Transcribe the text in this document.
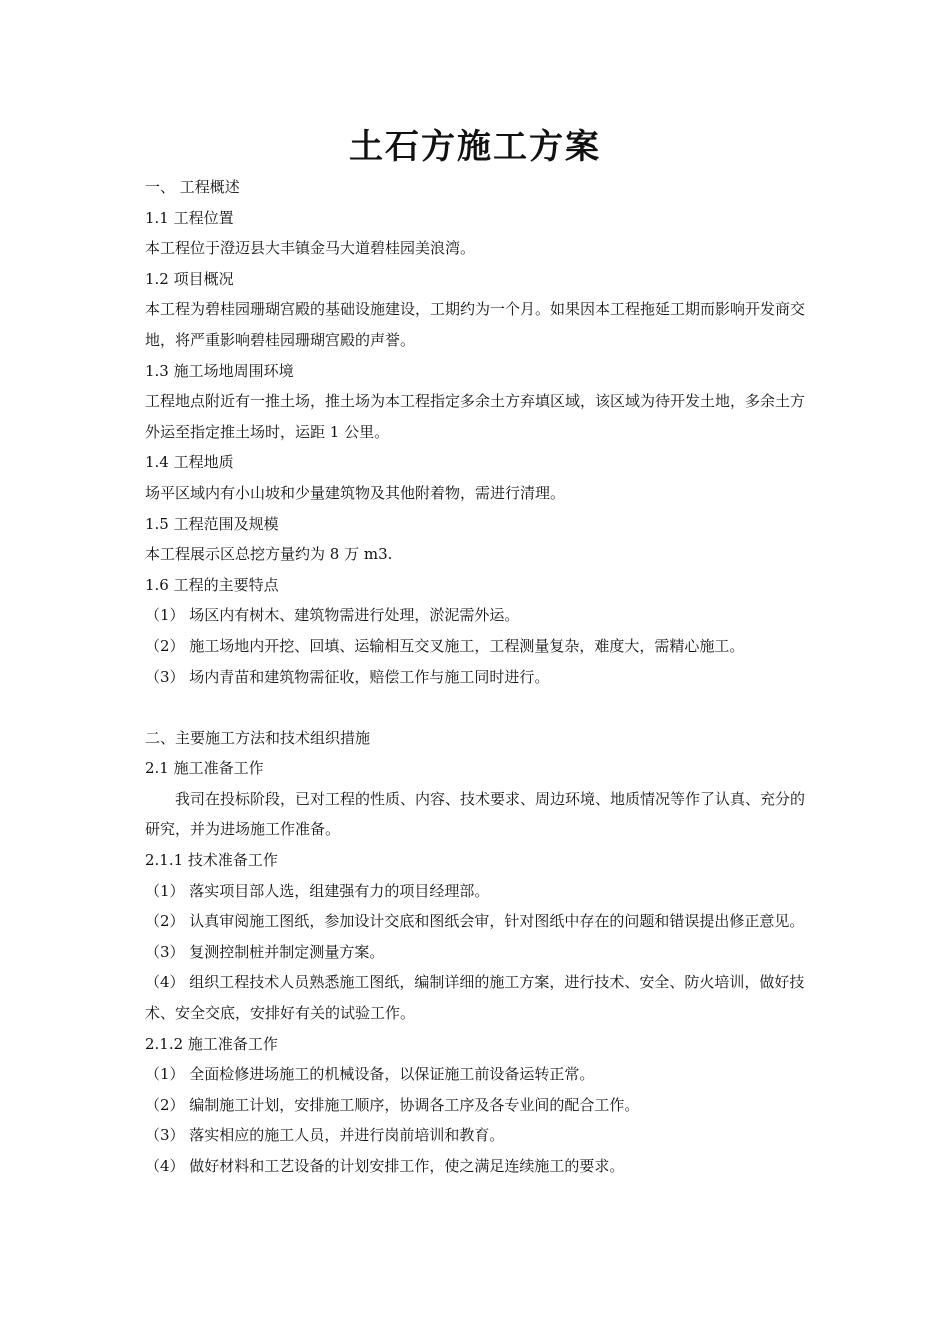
土石方施工方案

一、 工程概述

1.1 工程位置

本工程位于澄迈县大丰镇金马大道碧桂园美浪湾。

1.2 项目概况

本工程为碧桂园珊瑚宫殿的基础设施建设，工期约为一个月。如果因本工程拖延工期而影响开发商交地，将严重影响碧桂园珊瑚宫殿的声誉。

1.3 施工场地周围环境

工程地点附近有一推土场，推土场为本工程指定多余土方弃填区域，该区域为待开发土地，多余土方外运至指定推土场时，运距 1 公里。

1.4 工程地质

场平区域内有小山坡和少量建筑物及其他附着物，需进行清理。

1.5 工程范围及规模

本工程展示区总挖方量约为 8 万 m3.

1.6 工程的主要特点

（1） 场区内有树木、建筑物需进行处理，淤泥需外运。

（2） 施工场地内开挖、回填、运输相互交叉施工，工程测量复杂，难度大，需精心施工。

（3） 场内青苗和建筑物需征收，赔偿工作与施工同时进行。

二、主要施工方法和技术组织措施

2.1 施工准备工作

我司在投标阶段，已对工程的性质、内容、技术要求、周边环境、地质情况等作了认真、充分的研究，并为进场施工作准备。

2.1.1 技术准备工作

（1） 落实项目部人选，组建强有力的项目经理部。

（2） 认真审阅施工图纸，参加设计交底和图纸会审，针对图纸中存在的问题和错误提出修正意见。

（3） 复测控制桩并制定测量方案。

（4） 组织工程技术人员熟悉施工图纸，编制详细的施工方案，进行技术、安全、防火培训，做好技术、安全交底，安排好有关的试验工作。

2.1.2 施工准备工作

（1） 全面检修进场施工的机械设备，以保证施工前设备运转正常。

（2） 编制施工计划，安排施工顺序，协调各工序及各专业间的配合工作。

（3） 落实相应的施工人员，并进行岗前培训和教育。

（4） 做好材料和工艺设备的计划安排工作，使之满足连续施工的要求。
